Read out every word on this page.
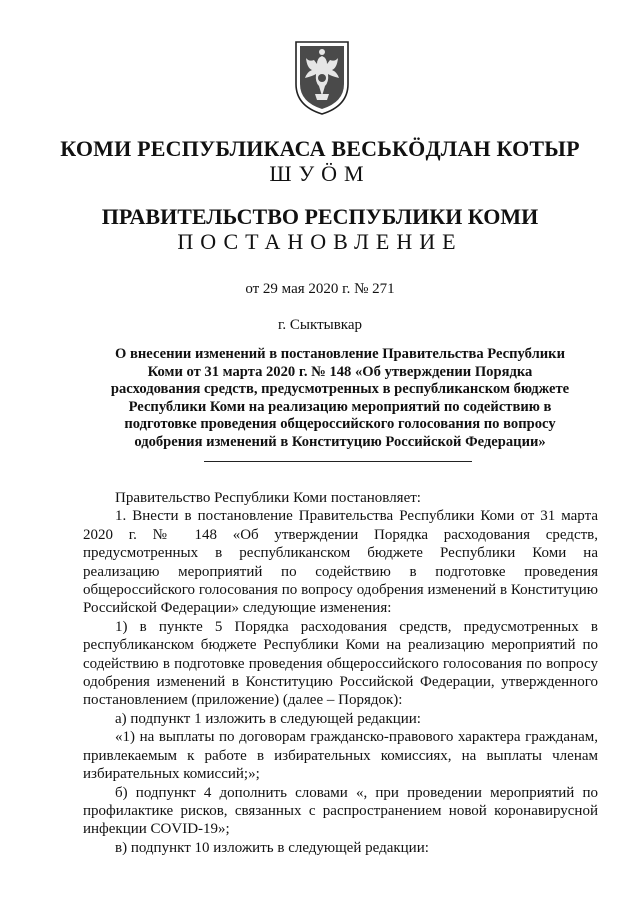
КОМИ РЕСПУБЛИКАСА ВЕСЬКӦДЛАН КОТЫР
ШУӦМ
ПРАВИТЕЛЬСТВО РЕСПУБЛИКИ КОМИ
ПОСТАНОВЛЕНИЕ
от 29 мая 2020 г. № 271
г. Сыктывкар
О внесении изменений в постановление Правительства Республики Коми от 31 марта 2020 г. № 148 «Об утверждении Порядка расходования средств, предусмотренных в республиканском бюджете Республики Коми на реализацию мероприятий по содействию в подготовке проведения общероссийского голосования по вопросу одобрения изменений в Конституцию Российской Федерации»

Правительство Республики Коми постановляет:

1. Внести в постановление Правительства Республики Коми от 31 марта 2020 г. № 148 «Об утверждении Порядка расходования средств, предусмотренных в республиканском бюджете Республики Коми на реализацию мероприятий по содействию в подготовке проведения общероссийского голосования по вопросу одобрения изменений в Конституцию Российской Федерации» следующие изменения:

1) в пункте 5 Порядка расходования средств, предусмотренных в республиканском бюджете Республики Коми на реализацию мероприятий по содействию в подготовке проведения общероссийского голосования по вопросу одобрения изменений в Конституцию Российской Федерации, утвержденного постановлением (приложение) (далее – Порядок):

а) подпункт 1 изложить в следующей редакции:

«1) на выплаты по договорам гражданско-правового характера гражданам, привлекаемым к работе в избирательных комиссиях, на выплаты членам избирательных комиссий;»;

б) подпункт 4 дополнить словами «, при проведении мероприятий по профилактике рисков, связанных с распространением новой коронавирусной инфекции COVID-19»;

в) подпункт 10 изложить в следующей редакции:
